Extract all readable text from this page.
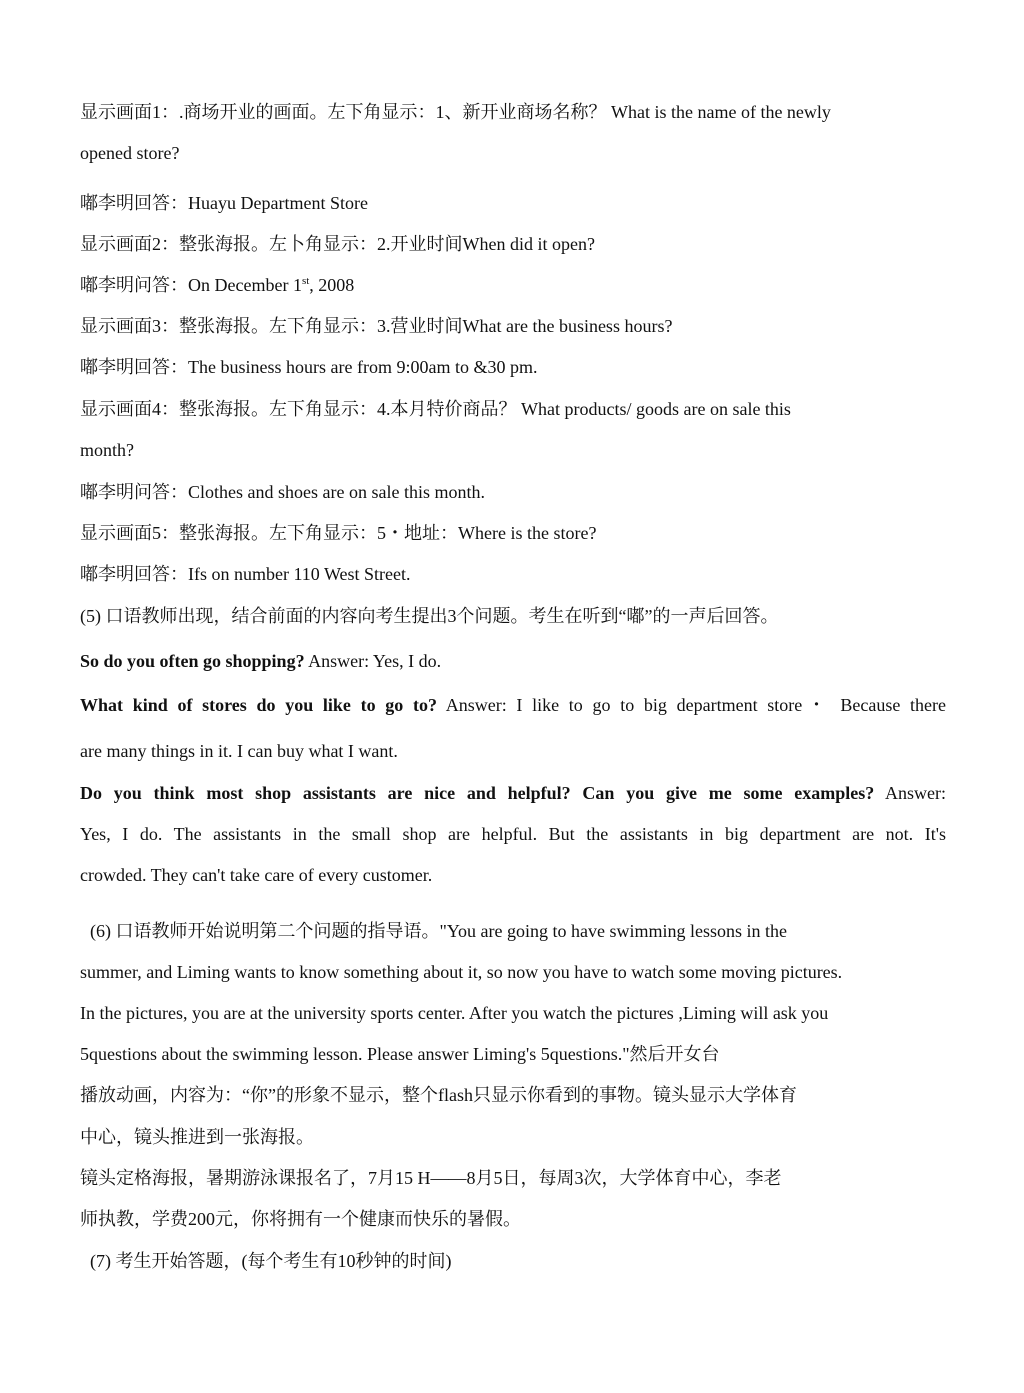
显示画面1：.商场开业的画面。左下角显示：1、新开业商场名称？ What is the name of the newly
opened store?
嘟李明回答：Huayu Department Store
显示画面2：整张海报。左卜角显示：2.开业时间When did it open?
嘟李明问答：On December 1st, 2008
显示画面3：整张海报。左下角显示：3.营业时间What are the business hours?
嘟李明回答：The business hours are from 9:00am to &30 pm.
显示画面4：整张海报。左下角显示：4.本月特价商品？ What products/ goods are on sale this
month?
嘟李明问答：Clothes and shoes are on sale this month.
显示画面5：整张海报。左下角显示：5・地址：Where is the store?
嘟李明回答：Ifs on number 110 West Street.
(5) 口语教师出现，结合前面的内容向考生提出3个问题。考生在听到“嘟”的一声后回答。
So do you often go shopping? Answer: Yes, I do.
What kind of stores do you like to go to? Answer: I like to go to big department store・ Because there
are many things in it. I can buy what I want.
Do you think most shop assistants are nice and helpful? Can you give me some examples? Answer:
Yes, I do. The assistants in the small shop are helpful. But the assistants in big department are not. It's
crowded. They can't take care of every customer.
(6) 口语教师开始说明第二个问题的指导语。"You are going to have swimming lessons in the
summer, and Liming wants to know something about it, so now you have to watch some moving pictures.
In the pictures, you are at the university sports center. After you watch the pictures ,Liming will ask you
5questions about the swimming lesson. Please answer Liming's 5questions."然后开女台
播放动画，内容为：“你”的形象不显示，整个flash只显示你看到的事物。镜头显示大学体育
中心，镜头推进到一张海报。
镜头定格海报，暑期游泳课报名了，7月15 H——8月5日，每周3次，大学体育中心，李老
师执教，学费200元，你将拥有一个健康而快乐的暑假。
(7) 考生开始答题，(每个考生有10秒钟的时间)
